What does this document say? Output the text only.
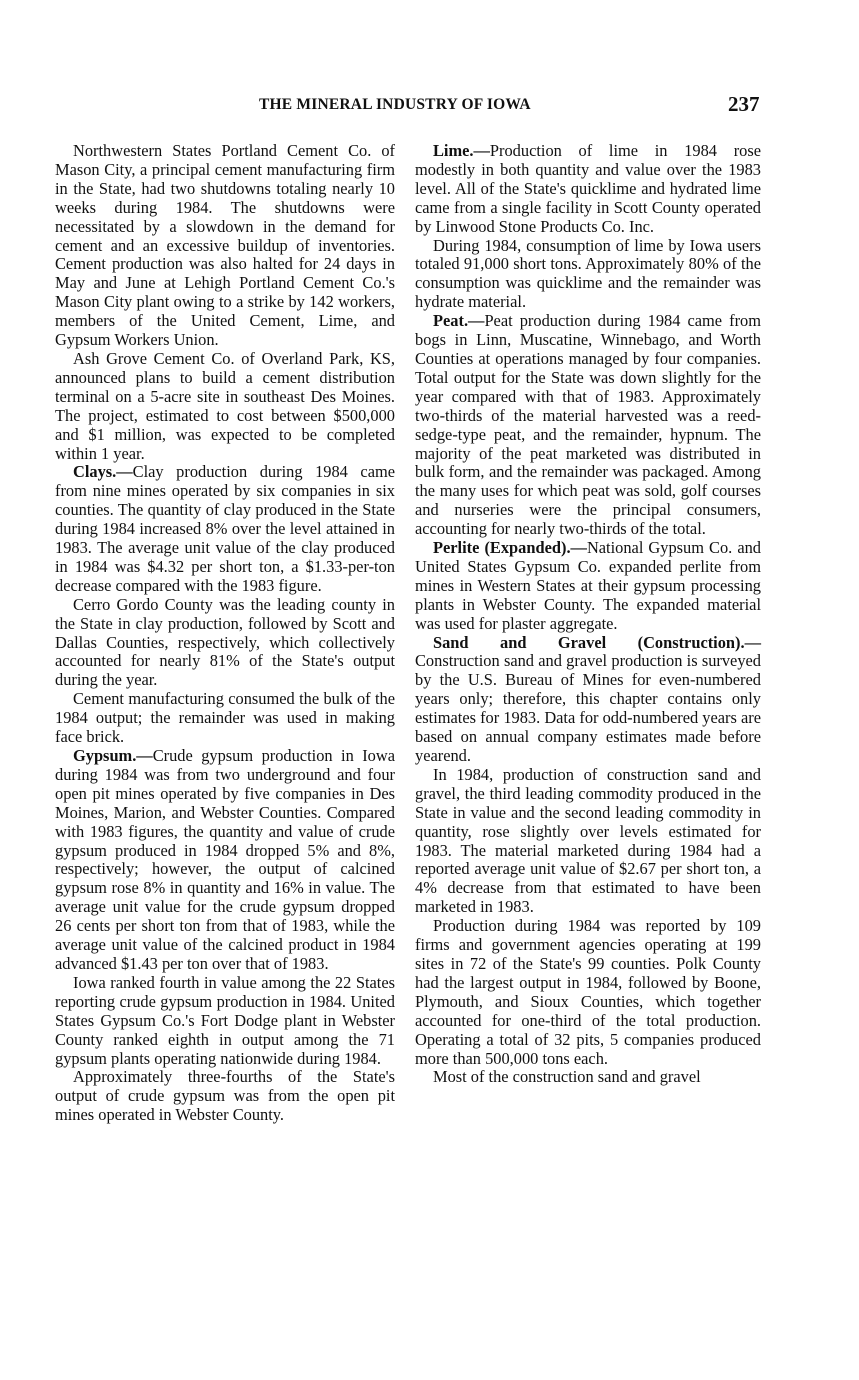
THE MINERAL INDUSTRY OF IOWA	237

Northwestern States Portland Cement Co. of Mason City, a principal cement manufacturing firm in the State, had two shutdowns totaling nearly 10 weeks during 1984. The shutdowns were necessitated by a slowdown in the demand for cement and an excessive buildup of inventories. Cement production was also halted for 24 days in May and June at Lehigh Portland Cement Co.'s Mason City plant owing to a strike by 142 workers, members of the United Cement, Lime, and Gypsum Workers Union.

Ash Grove Cement Co. of Overland Park, KS, announced plans to build a cement distribution terminal on a 5-acre site in southeast Des Moines. The project, estimated to cost between $500,000 and $1 million, was expected to be completed within 1 year.

Clays.—Clay production during 1984 came from nine mines operated by six companies in six counties. The quantity of clay produced in the State during 1984 increased 8% over the level attained in 1983. The average unit value of the clay produced in 1984 was $4.32 per short ton, a $1.33-per-ton decrease compared with the 1983 figure.

Cerro Gordo County was the leading county in the State in clay production, followed by Scott and Dallas Counties, respectively, which collectively accounted for nearly 81% of the State's output during the year.

Cement manufacturing consumed the bulk of the 1984 output; the remainder was used in making face brick.

Gypsum.—Crude gypsum production in Iowa during 1984 was from two underground and four open pit mines operated by five companies in Des Moines, Marion, and Webster Counties. Compared with 1983 figures, the quantity and value of crude gypsum produced in 1984 dropped 5% and 8%, respectively; however, the output of calcined gypsum rose 8% in quantity and 16% in value. The average unit value for the crude gypsum dropped 26 cents per short ton from that of 1983, while the average unit value of the calcined product in 1984 advanced $1.43 per ton over that of 1983.

Iowa ranked fourth in value among the 22 States reporting crude gypsum production in 1984. United States Gypsum Co.'s Fort Dodge plant in Webster County ranked eighth in output among the 71 gypsum plants operating nationwide during 1984.

Approximately three-fourths of the State's output of crude gypsum was from the open pit mines operated in Webster County.

Lime.—Production of lime in 1984 rose modestly in both quantity and value over the 1983 level. All of the State's quicklime and hydrated lime came from a single facility in Scott County operated by Linwood Stone Products Co. Inc.

During 1984, consumption of lime by Iowa users totaled 91,000 short tons. Approximately 80% of the consumption was quicklime and the remainder was hydrate material.

Peat.—Peat production during 1984 came from bogs in Linn, Muscatine, Winnebago, and Worth Counties at operations managed by four companies. Total output for the State was down slightly for the year compared with that of 1983. Approximately two-thirds of the material harvested was a reed-sedge-type peat, and the remainder, hypnum. The majority of the peat marketed was distributed in bulk form, and the remainder was packaged. Among the many uses for which peat was sold, golf courses and nurseries were the principal consumers, accounting for nearly two-thirds of the total.

Perlite (Expanded).—National Gypsum Co. and United States Gypsum Co. expanded perlite from mines in Western States at their gypsum processing plants in Webster County. The expanded material was used for plaster aggregate.

Sand and Gravel (Construction).—Construction sand and gravel production is surveyed by the U.S. Bureau of Mines for even-numbered years only; therefore, this chapter contains only estimates for 1983. Data for odd-numbered years are based on annual company estimates made before yearend.

In 1984, production of construction sand and gravel, the third leading commodity produced in the State in value and the second leading commodity in quantity, rose slightly over levels estimated for 1983. The material marketed during 1984 had a reported average unit value of $2.67 per short ton, a 4% decrease from that estimated to have been marketed in 1983.

Production during 1984 was reported by 109 firms and government agencies operating at 199 sites in 72 of the State's 99 counties. Polk County had the largest output in 1984, followed by Boone, Plymouth, and Sioux Counties, which together accounted for one-third of the total production. Operating a total of 32 pits, 5 companies produced more than 500,000 tons each.

Most of the construction sand and gravel
